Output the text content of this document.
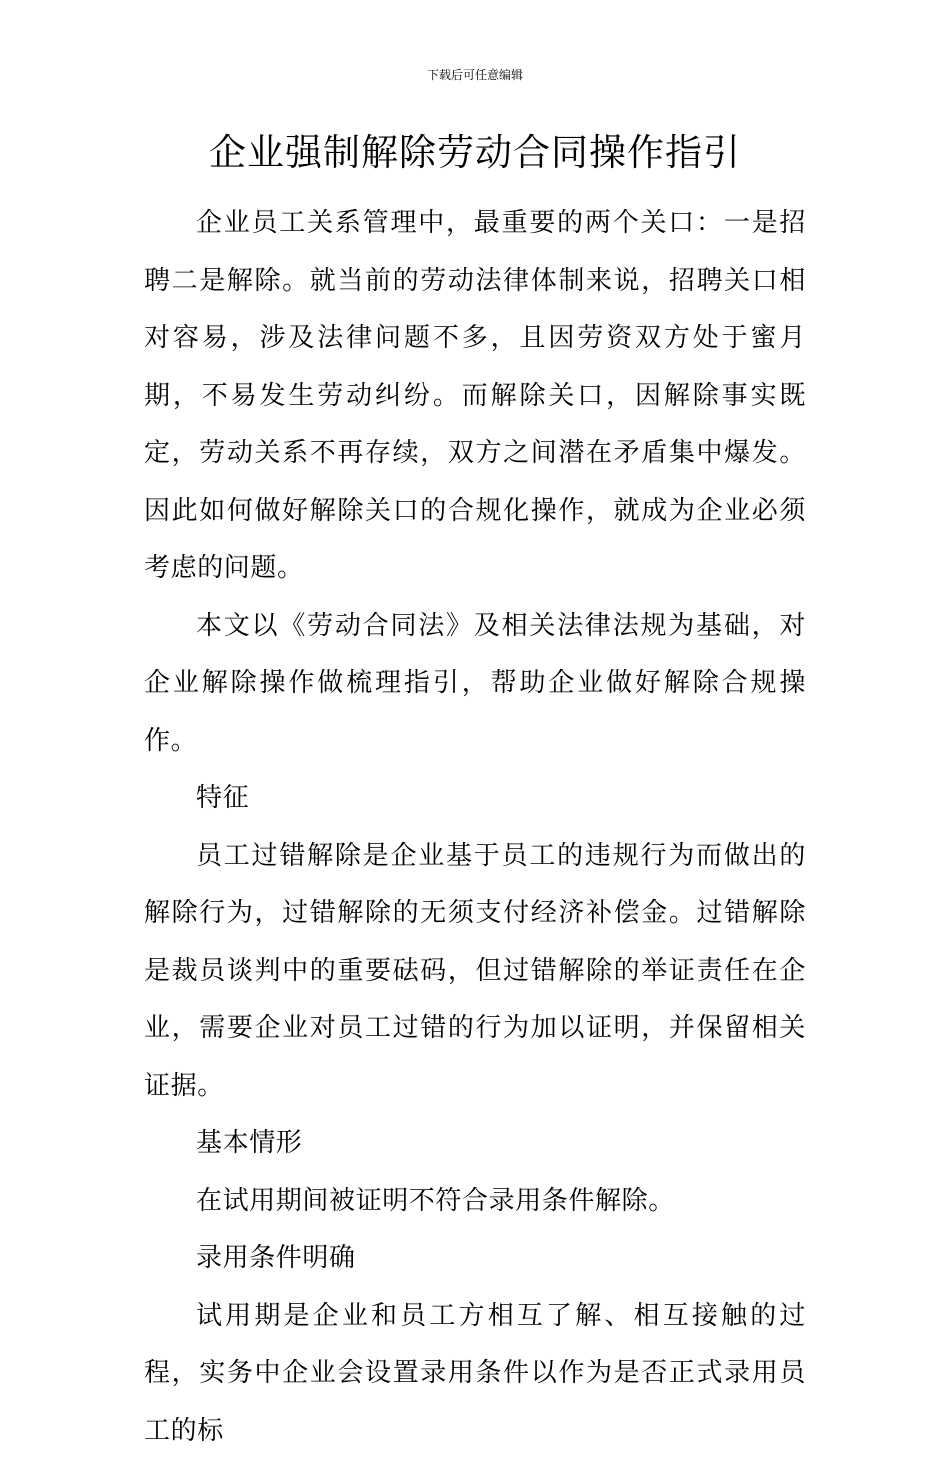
下载后可任意编辑
企业强制解除劳动合同操作指引

企业员工关系管理中，最重要的两个关口：一是招聘二是解除。就当前的劳动法律体制来说，招聘关口相对容易，涉及法律问题不多，且因劳资双方处于蜜月期，不易发生劳动纠纷。而解除关口，因解除事实既定，劳动关系不再存续，双方之间潜在矛盾集中爆发。因此如何做好解除关口的合规化操作，就成为企业必须考虑的问题。

本文以《劳动合同法》及相关法律法规为基础，对企业解除操作做梳理指引，帮助企业做好解除合规操作。

特征

员工过错解除是企业基于员工的违规行为而做出的解除行为，过错解除的无须支付经济补偿金。过错解除是裁员谈判中的重要砝码，但过错解除的举证责任在企业，需要企业对员工过错的行为加以证明，并保留相关证据。

基本情形

在试用期间被证明不符合录用条件解除。

录用条件明确

试用期是企业和员工方相互了解、相互接触的过程，实务中企业会设置录用条件以作为是否正式录用员工的标
